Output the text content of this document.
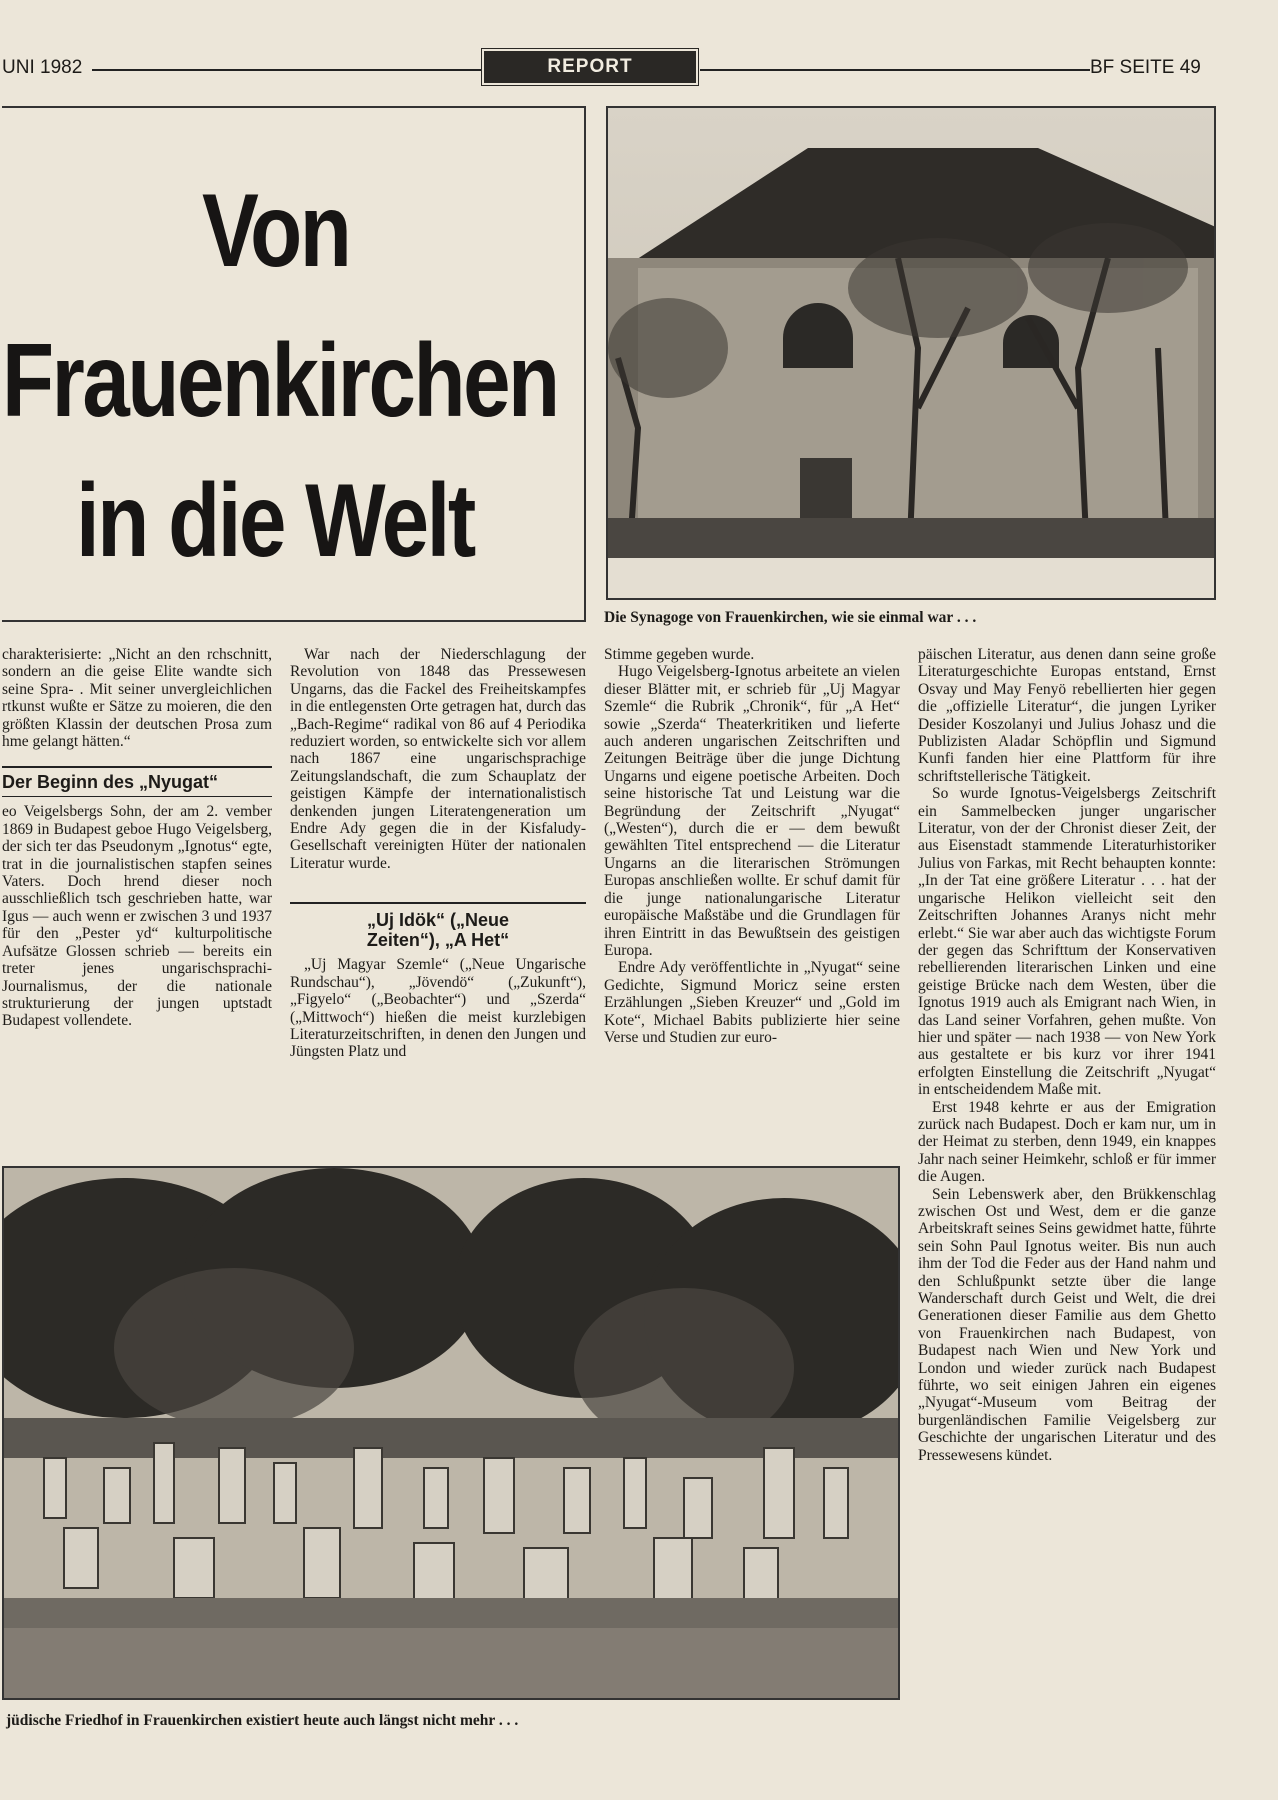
UNI 1982	REPORT	BF SEITE 49
Von
Frauenkirchen
in die Welt
Die Synagoge von Frauenkirchen, wie sie einmal war . . .

charakterisierte: „Nicht an den rchschnitt, sondern an die geise Elite wandte sich seine Spra- . Mit seiner unvergleichlichen rtkunst wußte er Sätze zu moieren, die den größten Klassin der deutschen Prosa zum hme gelangt hätten.“

Der Beginn des „Nyugat“

eo Veigelsbergs Sohn, der am 2. vember 1869 in Budapest geboe Hugo Veigelsberg, der sich ter das Pseudonym „Ignotus“ egte, trat in die journalistischen stapfen seines Vaters. Doch hrend dieser noch ausschließlich tsch geschrieben hatte, war Igus — auch wenn er zwischen 3 und 1937 für den „Pester yd“ kulturpolitische Aufsätze Glossen schrieb — bereits ein treter jenes ungarischsprachi- Journalismus, der die nationale strukturierung der jungen uptstadt Budapest vollendete.

War nach der Niederschlagung der Revolution von 1848 das Pressewesen Ungarns, das die Fackel des Freiheitskampfes in die entlegensten Orte getragen hat, durch das „Bach-Regime“ radikal von 86 auf 4 Periodika reduziert worden, so entwickelte sich vor allem nach 1867 eine ungarischsprachige Zeitungslandschaft, die zum Schauplatz der geistigen Kämpfe der internationalistisch denkenden jungen Literatengeneration um Endre Ady gegen die in der Kisfaludy-Gesellschaft vereinigten Hüter der nationalen Literatur wurde.

„Uj Idök“ („Neue

Zeiten“), „A Het“

„Uj Magyar Szemle“ („Neue Ungarische Rundschau“), „Jövendö“ („Zukunft“), „Figyelo“ („Beobachter“) und „Szerda“ („Mittwoch“) hießen die meist kurzlebigen Literaturzeitschriften, in denen den Jungen und Jüngsten Platz und

Stimme gegeben wurde.

Hugo Veigelsberg-Ignotus arbeitete an vielen dieser Blätter mit, er schrieb für „Uj Magyar Szemle“ die Rubrik „Chronik“, für „A Het“ sowie „Szerda“ Theaterkritiken und lieferte auch anderen ungarischen Zeitschriften und Zeitungen Beiträge über die junge Dichtung Ungarns und eigene poetische Arbeiten. Doch seine historische Tat und Leistung war die Begründung der Zeitschrift „Nyugat“ („Westen“), durch die er — dem bewußt gewählten Titel entsprechend — die Literatur Ungarns an die literarischen Strömungen Europas anschließen wollte. Er schuf damit für die junge nationalungarische Literatur europäische Maßstäbe und die Grundlagen für ihren Eintritt in das Bewußtsein des geistigen Europa.

Endre Ady veröffentlichte in „Nyugat“ seine Gedichte, Sigmund Moricz seine ersten Erzählungen „Sieben Kreuzer“ und „Gold im Kote“, Michael Babits publizierte hier seine Verse und Studien zur euro-

päischen Literatur, aus denen dann seine große Literaturgeschichte Europas entstand, Ernst Osvay und May Fenyö rebellierten hier gegen die „offizielle Literatur“, die jungen Lyriker Desider Koszolanyi und Julius Johasz und die Publizisten Aladar Schöpflin und Sigmund Kunfi fanden hier eine Plattform für ihre schriftstellerische Tätigkeit.

So wurde Ignotus-Veigelsbergs Zeitschrift ein Sammelbecken junger ungarischer Literatur, von der der Chronist dieser Zeit, der aus Eisenstadt stammende Literaturhistoriker Julius von Farkas, mit Recht behaupten konnte: „In der Tat eine größere Literatur . . . hat der ungarische Helikon vielleicht seit den Zeitschriften Johannes Aranys nicht mehr erlebt.“ Sie war aber auch das wichtigste Forum der gegen das Schrifttum der Konservativen rebellierenden literarischen Linken und eine geistige Brücke nach dem Westen, über die Ignotus 1919 auch als Emigrant nach Wien, in das Land seiner Vorfahren, gehen mußte. Von hier und später — nach 1938 — von New York aus gestaltete er bis kurz vor ihrer 1941 erfolgten Einstellung die Zeitschrift „Nyugat“ in entscheidendem Maße mit.

Erst 1948 kehrte er aus der Emigration zurück nach Budapest. Doch er kam nur, um in der Heimat zu sterben, denn 1949, ein knappes Jahr nach seiner Heimkehr, schloß er für immer die Augen.

Sein Lebenswerk aber, den Brükkenschlag zwischen Ost und West, dem er die ganze Arbeitskraft seines Seins gewidmet hatte, führte sein Sohn Paul Ignotus weiter. Bis nun auch ihm der Tod die Feder aus der Hand nahm und den Schlußpunkt setzte über die lange Wanderschaft durch Geist und Welt, die drei Generationen dieser Familie aus dem Ghetto von Frauenkirchen nach Budapest, von Budapest nach Wien und New York und London und wieder zurück nach Budapest führte, wo seit einigen Jahren ein eigenes „Nyugat“-Museum vom Beitrag der burgenländischen Familie Veigelsberg zur Geschichte der ungarischen Literatur und des Pressewesens kündet.

jüdische Friedhof in Frauenkirchen existiert heute auch längst nicht mehr . . .
